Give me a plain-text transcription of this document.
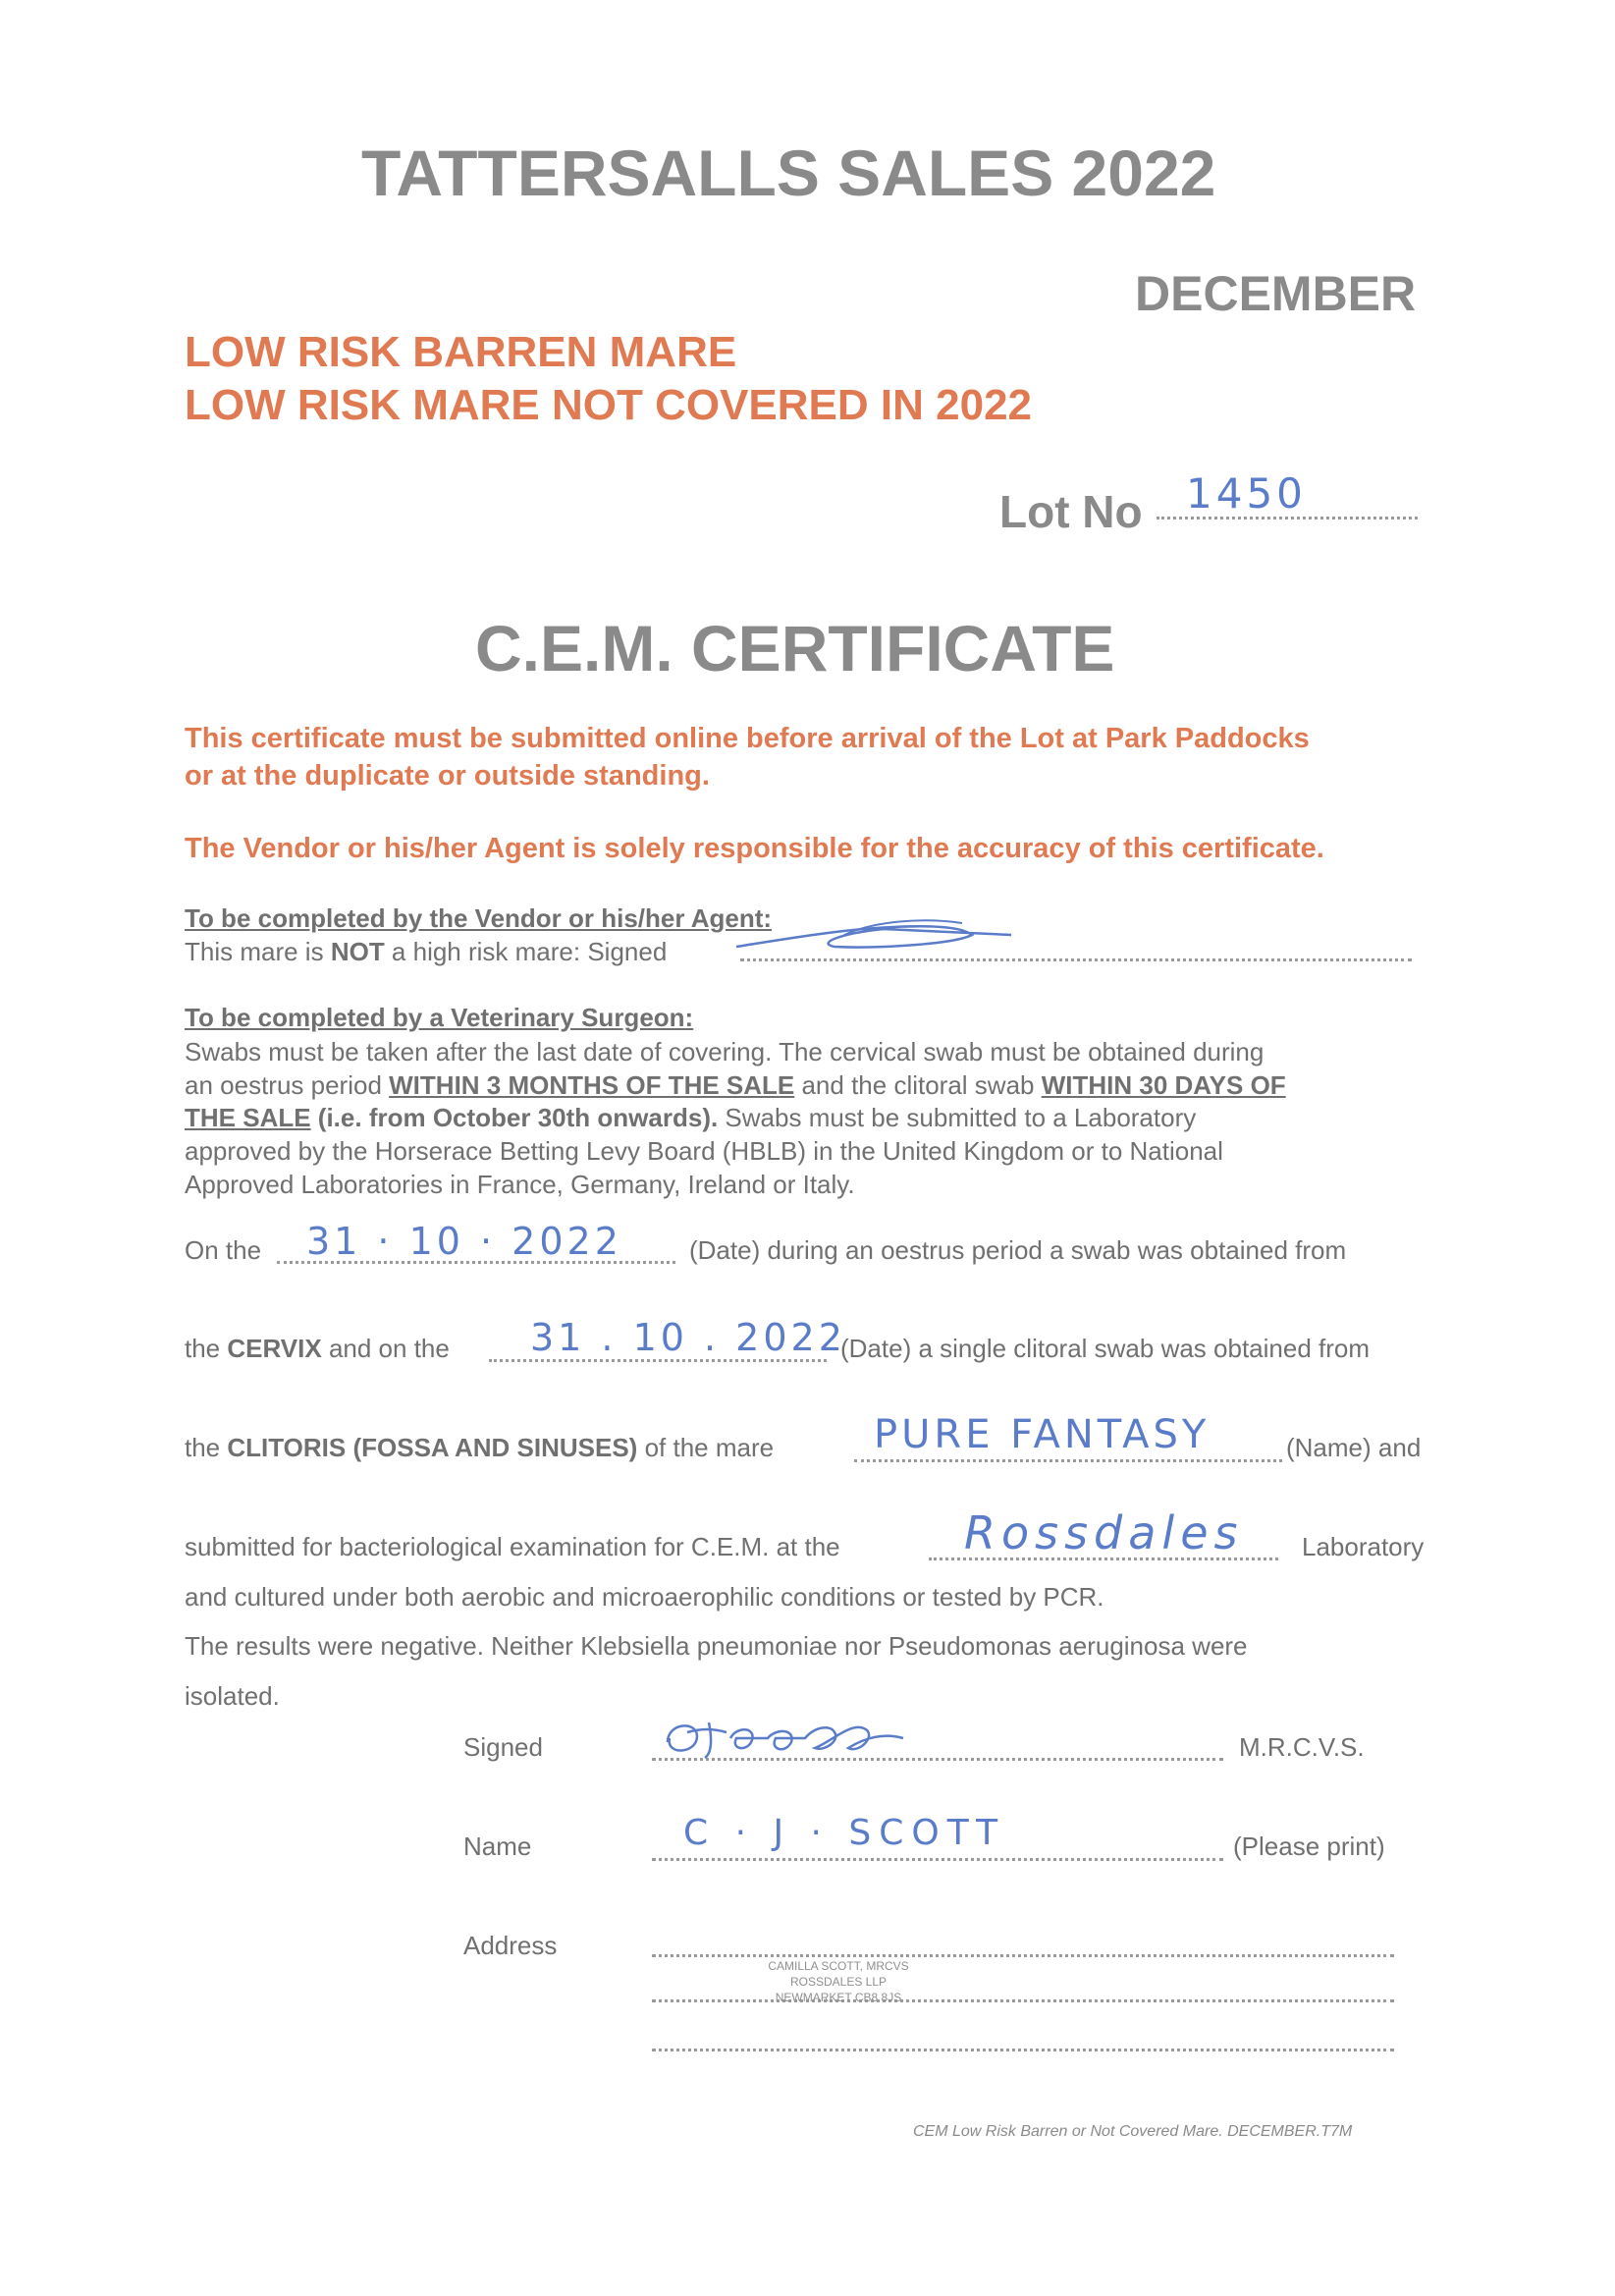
TATTERSALLS SALES 2022
DECEMBER
LOW RISK BARREN MARE
LOW RISK MARE NOT COVERED IN 2022
Lot No 1450
C.E.M. CERTIFICATE
This certificate must be submitted online before arrival of the Lot at Park Paddocks
or at the duplicate or outside standing.
The Vendor or his/her Agent is solely responsible for the accuracy of this certificate.
To be completed by the Vendor or his/her Agent:
This mare is NOT a high risk mare: Signed
To be completed by a Veterinary Surgeon:
Swabs must be taken after the last date of covering. The cervical swab must be obtained during
an oestrus period WITHIN 3 MONTHS OF THE SALE and the clitoral swab WITHIN 30 DAYS OF
THE SALE (i.e. from October 30th onwards). Swabs must be submitted to a Laboratory
approved by the Horserace Betting Levy Board (HBLB) in the United Kingdom or to National
Approved Laboratories in France, Germany, Ireland or Italy.
On the 31 · 10 · 2022	(Date) during an oestrus period a swab was obtained from
the CERVIX and on the 31 . 10 . 2022
(Date) a single clitoral swab was obtained from
the CLITORIS (FOSSA AND SINUSES) of the mare	PURE FANTASY	(Name) and
submitted for bacteriological examination for C.E.M. at the	Rossdales Laboratory
and cultured under both aerobic and microaerophilic conditions or tested by PCR.
The results were negative. Neither Klebsiella pneumoniae nor Pseudomonas aeruginosa were
isolated.
Signed	M.R.C.V.S.
Name	C · J · SCOTT	(Please print)
Address
CAMILLA SCOTT, MRCVS
ROSSDALES LLP
NEWMARKET CB8 8JS
CEM Low Risk Barren or Not Covered Mare. DECEMBER.T7M
